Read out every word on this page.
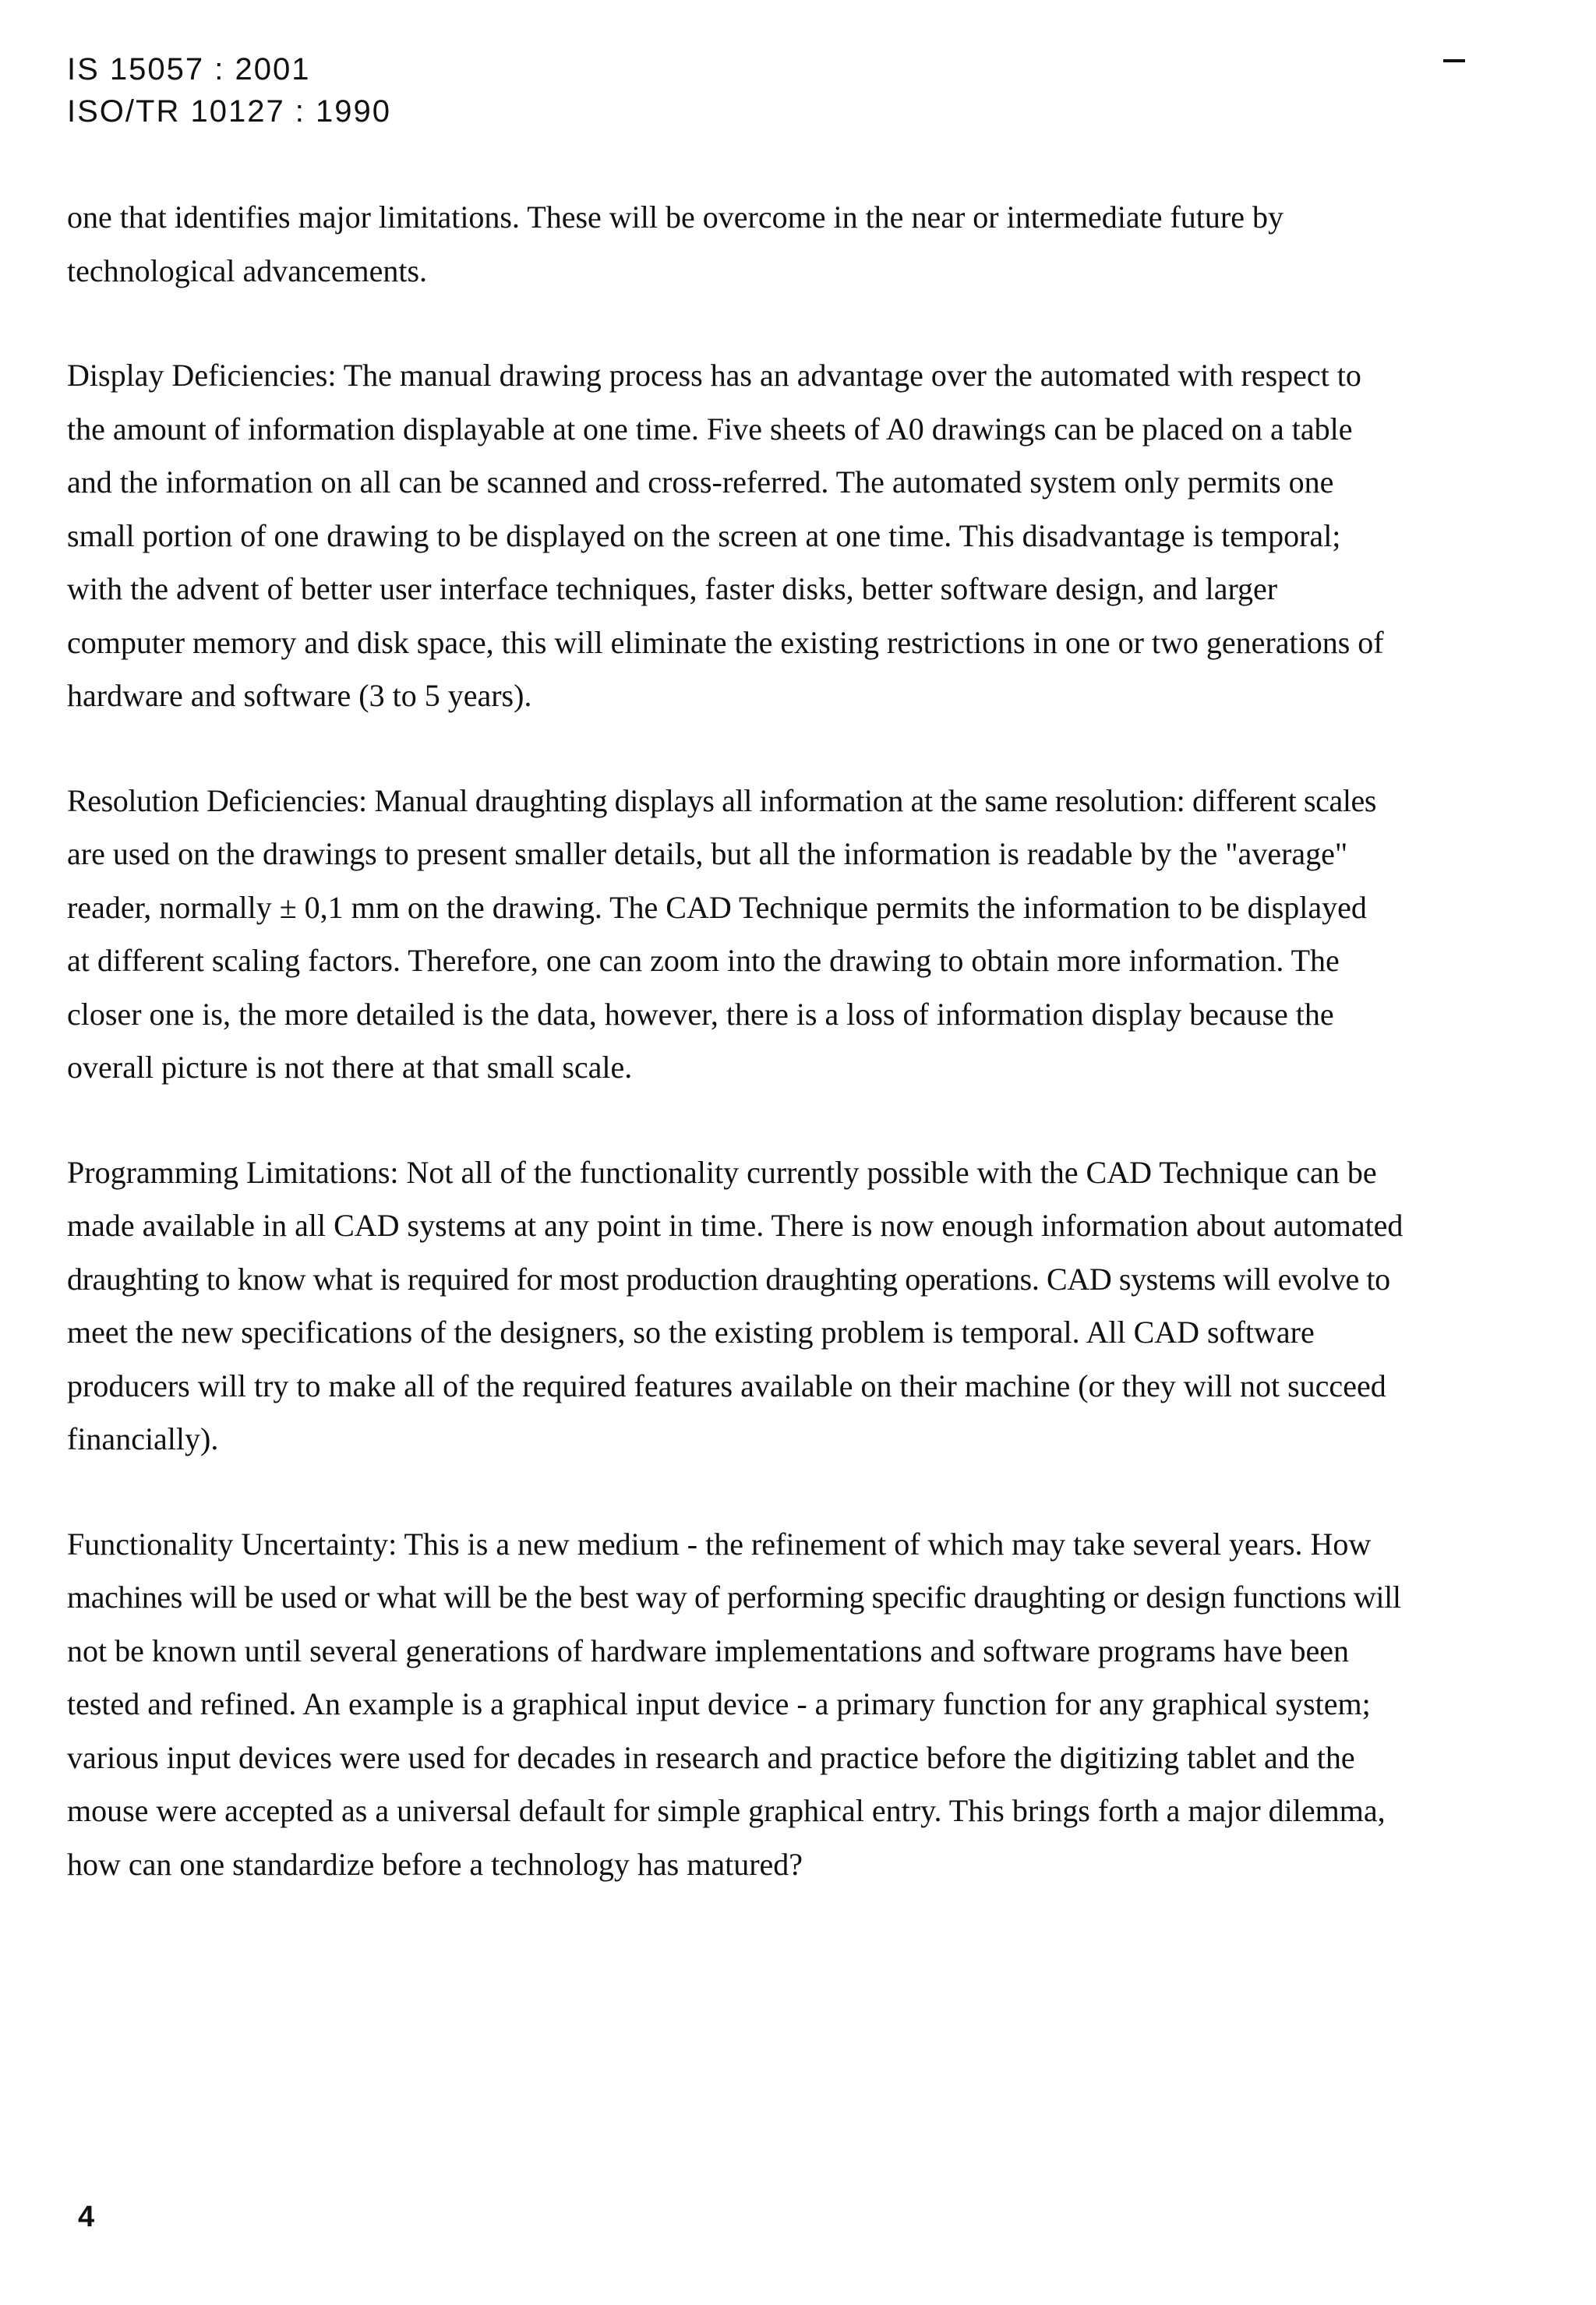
IS 15057 : 2001
ISO/TR 10127 : 1990

one that identifies major limitations. These will be overcome in the near or intermediate future by
technological advancements.

Display Deficiencies: The manual drawing process has an advantage over the automated with respect to
the amount of information displayable at one time. Five sheets of A0 drawings can be placed on a table
and the information on all can be scanned and cross-referred. The automated system only permits one
small portion of one drawing to be displayed on the screen at one time. This disadvantage is temporal;
with the advent of better user interface techniques, faster disks, better software design, and larger
computer memory and disk space, this will eliminate the existing restrictions in one or two generations of
hardware and software (3 to 5 years).

Resolution Deficiencies: Manual draughting displays all information at the same resolution: different scales
are used on the drawings to present smaller details, but all the information is readable by the "average"
reader, normally ± 0,1 mm on the drawing. The CAD Technique permits the information to be displayed
at different scaling factors. Therefore, one can zoom into the drawing to obtain more information. The
closer one is, the more detailed is the data, however, there is a loss of information display because the
overall picture is not there at that small scale.

Programming Limitations: Not all of the functionality currently possible with the CAD Technique can be
made available in all CAD systems at any point in time. There is now enough information about automated
draughting to know what is required for most production draughting operations. CAD systems will evolve to
meet the new specifications of the designers, so the existing problem is temporal. All CAD software
producers will try to make all of the required features available on their machine (or they will not succeed
financially).

Functionality Uncertainty: This is a new medium - the refinement of which may take several years. How
machines will be used or what will be the best way of performing specific draughting or design functions will
not be known until several generations of hardware implementations and software programs have been
tested and refined. An example is a graphical input device - a primary function for any graphical system;
various input devices were used for decades in research and practice before the digitizing tablet and the
mouse were accepted as a universal default for simple graphical entry. This brings forth a major dilemma,
how can one standardize before a technology has matured?

4
